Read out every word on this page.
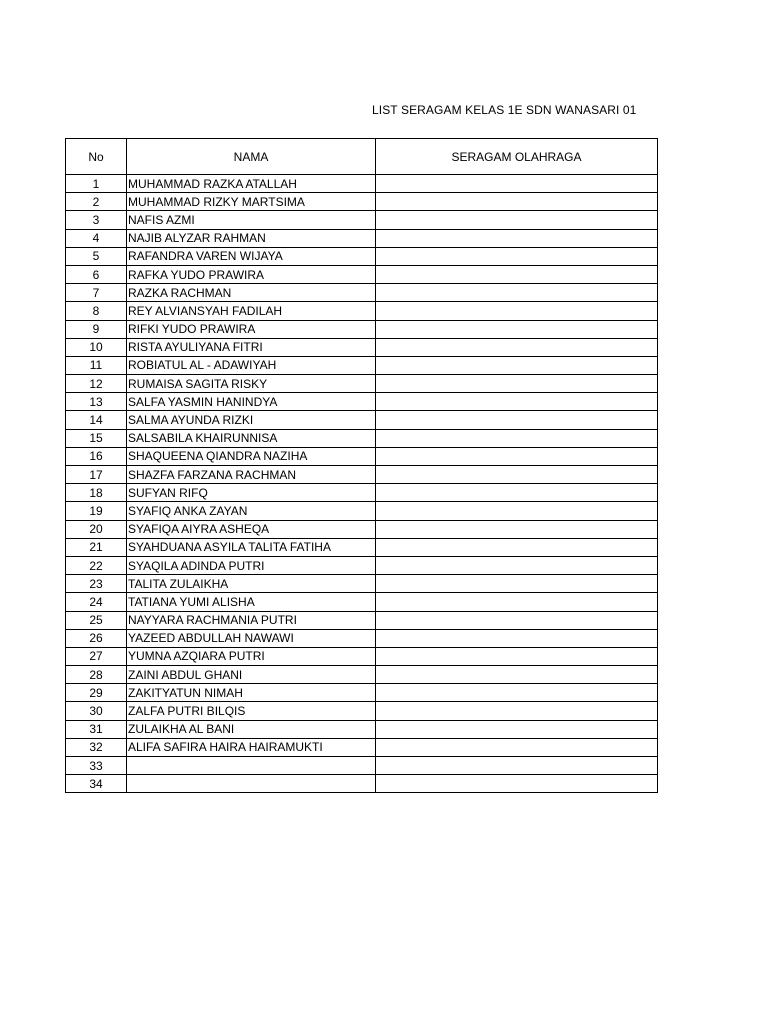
LIST SERAGAM KELAS 1E SDN WANASARI 01
No	NAMA	SERAGAM OLAHRAGA
1	MUHAMMAD RAZKA ATALLAH	
2	MUHAMMAD RIZKY MARTSIMA	
3	NAFIS AZMI	
4	NAJIB ALYZAR RAHMAN	
5	RAFANDRA VAREN WIJAYA	
6	RAFKA YUDO PRAWIRA	
7	RAZKA RACHMAN	
8	REY ALVIANSYAH FADILAH	
9	RIFKI YUDO PRAWIRA	
10	RISTA AYULIYANA FITRI	
11	ROBIATUL AL - ADAWIYAH	
12	RUMAISA SAGITA RISKY	
13	SALFA YASMIN HANINDYA	
14	SALMA AYUNDA RIZKI	
15	SALSABILA KHAIRUNNISA	
16	SHAQUEENA QIANDRA NAZIHA	
17	SHAZFA FARZANA RACHMAN	
18	SUFYAN RIFQ	
19	SYAFIQ ANKA ZAYAN	
20	SYAFIQA AIYRA ASHEQA	
21	SYAHDUANA ASYILA TALITA FATIHA	
22	SYAQILA ADINDA PUTRI	
23	TALITA ZULAIKHA	
24	TATIANA YUMI ALISHA	
25	NAYYARA RACHMANIA PUTRI	
26	YAZEED ABDULLAH NAWAWI	
27	YUMNA AZQIARA PUTRI	
28	ZAINI ABDUL GHANI	
29	ZAKITYATUN NIMAH	
30	ZALFA PUTRI BILQIS	
31	ZULAIKHA AL BANI	
32	ALIFA SAFIRA HAIRA HAIRAMUKTI	
33		
34		
